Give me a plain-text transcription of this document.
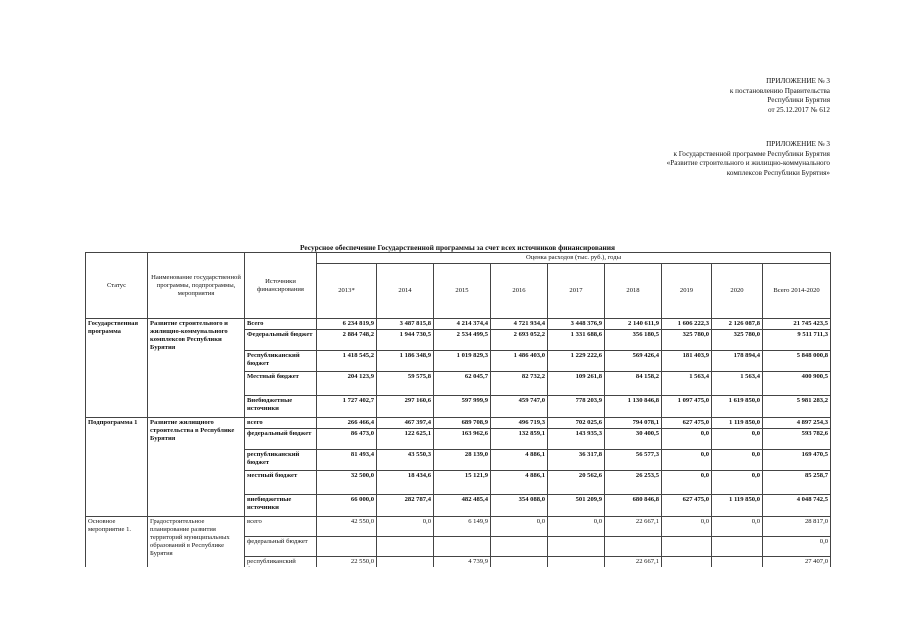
ПРИЛОЖЕНИЕ № 3
к постановлению Правительства
Республики Бурятия
от 25.12.2017 № 612
ПРИЛОЖЕНИЕ № 3
к Государственной программе Республики Бурятия
«Развитие строительного и жилищно-коммунального комплексов Республики Бурятия»
Ресурсное обеспечение Государственной программы за счет всех источников финансирования
Статус	Наименование государственной программы, подпрограммы, мероприятия	Источники финансирования	Оценка расходов (тыс. руб.), годы								
			2013*	2014	2015	2016	2017	2018	2019	2020	Всего 2014-2020
Государственная программа	Развитие строительного и жилищно-коммунального комплексов Республики Бурятия	Всего	6 234 819,9	3 487 815,8	4 214 374,4	4 721 934,4	3 448 376,9	2 140 611,9	1 606 222,3	2 126 087,8	21 745 423,5
		Федеральный бюджет	2 884 748,2	1 944 730,5	2 534 499,5	2 693 052,2	1 331 688,6	356 180,5	325 780,0	325 780,0	9 511 711,3
		Республиканский бюджет	1 418 545,2	1 186 348,9	1 019 829,3	1 486 403,0	1 229 222,6	569 426,4	181 403,9	178 894,4	5 848 000,8
		Местный бюджет	204 123,9	59 575,8	62 045,7	82 732,2	109 261,8	84 158,2	1 563,4	1 563,4	400 900,5
		Внебюджетные источники	1 727 402,7	297 160,6	597 999,9	459 747,0	778 203,9	1 130 846,8	1 097 475,0	1 619 850,0	5 981 283,2
Подпрограмма 1	Развитие жилищного строительства в Республике Бурятия	всего	266 466,4	467 397,4	689 708,9	496 719,3	702 025,6	794 078,1	627 475,0	1 119 850,0	4 897 254,3
		федеральный бюджет	86 473,0	122 625,1	163 962,6	132 859,1	143 935,3	30 400,5	0,0	0,0	593 782,6
		республиканский бюджет	81 493,4	43 550,3	28 139,0	4 886,1	36 317,8	56 577,3	0,0	0,0	169 470,5
		местный бюджет	32 500,0	18 434,6	15 121,9	4 886,1	20 562,6	26 253,5	0,0	0,0	85 258,7
		внебюджетные источники	66 000,0	282 787,4	482 485,4	354 088,0	501 209,9	680 846,8	627 475,0	1 119 850,0	4 048 742,5
Основное мероприятие 1.	Градостроительное планирование развития территорий муниципальных образований в Республике Бурятия	всего	42 550,0	0,0	6 149,9	0,0	0,0	22 667,1	0,0	0,0	28 817,0
		федеральный бюджет									0,0
		республиканский	22 550,0		4 739,9			22 667,1			27 407,0
